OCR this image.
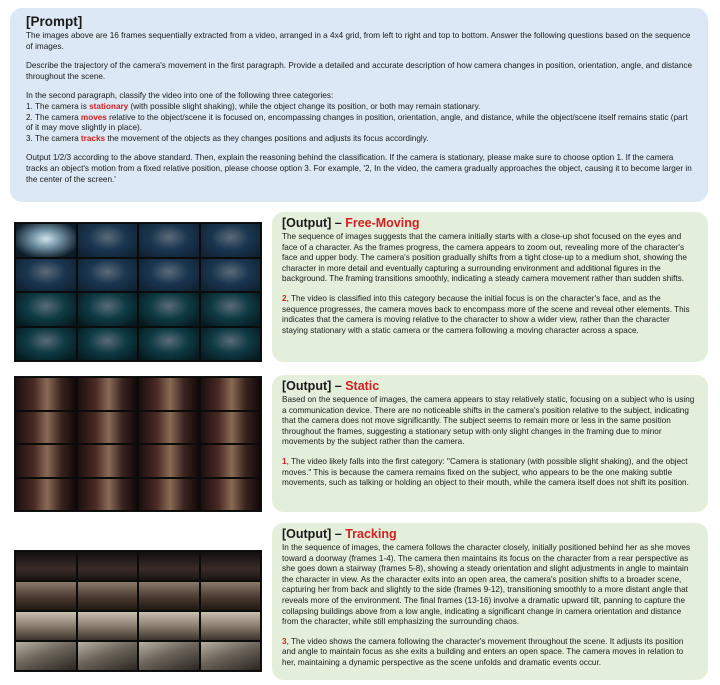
[Prompt]

The images above are 16 frames sequentially extracted from a video, arranged in a 4x4 grid, from left to right and top to bottom. Answer the following questions based on the sequence of images.

Describe the trajectory of the camera's movement in the first paragraph. Provide a detailed and accurate description of how camera changes in position, orientation, angle, and distance throughout the scene.

In the second paragraph, classify the video into one of the following three categories:

1. The camera is stationary (with possible slight shaking), while the object change its position, or both may remain stationary.

2. The camera moves relative to the object/scene it is focused on, encompassing changes in position, orientation, angle, and distance, while the object/scene itself remains static (part of it may move slightly in place).

3. The camera tracks the movement of the objects as they changes positions and adjusts its focus accordingly.

Output 1/2/3 according to the above standard. Then, explain the reasoning behind the classification. If the camera is stationary, please make sure to choose option 1. If the camera tracks an object's motion from a fixed relative position, please choose option 3. For example, '2, In the video, the camera gradually approaches the object, causing it to become larger in the center of the screen.'

[Output] – Free-Moving

The sequence of images suggests that the camera initially starts with a close-up shot focused on the eyes and face of a character. As the frames progress, the camera appears to zoom out, revealing more of the character's face and upper body. The camera's position gradually shifts from a tight close-up to a medium shot, showing the character in more detail and eventually capturing a surrounding environment and additional figures in the background. The framing transitions smoothly, indicating a steady camera movement rather than sudden shifts.

2, The video is classified into this category because the initial focus is on the character's face, and as the sequence progresses, the camera moves back to encompass more of the scene and reveal other elements. This indicates that the camera is moving relative to the character to show a wider view, rather than the character staying stationary with a static camera or the camera following a moving character across a space.

[Output] – Static

Based on the sequence of images, the camera appears to stay relatively static, focusing on a subject who is using a communication device. There are no noticeable shifts in the camera's position relative to the subject, indicating that the camera does not move significantly. The subject seems to remain more or less in the same position throughout the frames, suggesting a stationary setup with only slight changes in the framing due to minor movements by the subject rather than the camera.

1, The video likely falls into the first category: "Camera is stationary (with possible slight shaking), and the object moves." This is because the camera remains fixed on the subject, who appears to be the one making subtle movements, such as talking or holding an object to their mouth, while the camera itself does not shift its position.

[Output] – Tracking

In the sequence of images, the camera follows the character closely, initially positioned behind her as she moves toward a doorway (frames 1-4). The camera then maintains its focus on the character from a rear perspective as she goes down a stairway (frames 5-8), showing a steady orientation and slight adjustments in angle to maintain the character in view. As the character exits into an open area, the camera's position shifts to a broader scene, capturing her from back and slightly to the side (frames 9-12), transitioning smoothly to a more distant angle that reveals more of the environment. The final frames (13-16) involve a dramatic upward tilt, panning to capture the collapsing buildings above from a low angle, indicating a significant change in camera orientation and distance from the character, while still emphasizing the surrounding chaos.

3, The video shows the camera following the character's movement throughout the scene. It adjusts its position and angle to maintain focus as she exits a building and enters an open space. The camera moves in relation to her, maintaining a dynamic perspective as the scene unfolds and dramatic events occur.
